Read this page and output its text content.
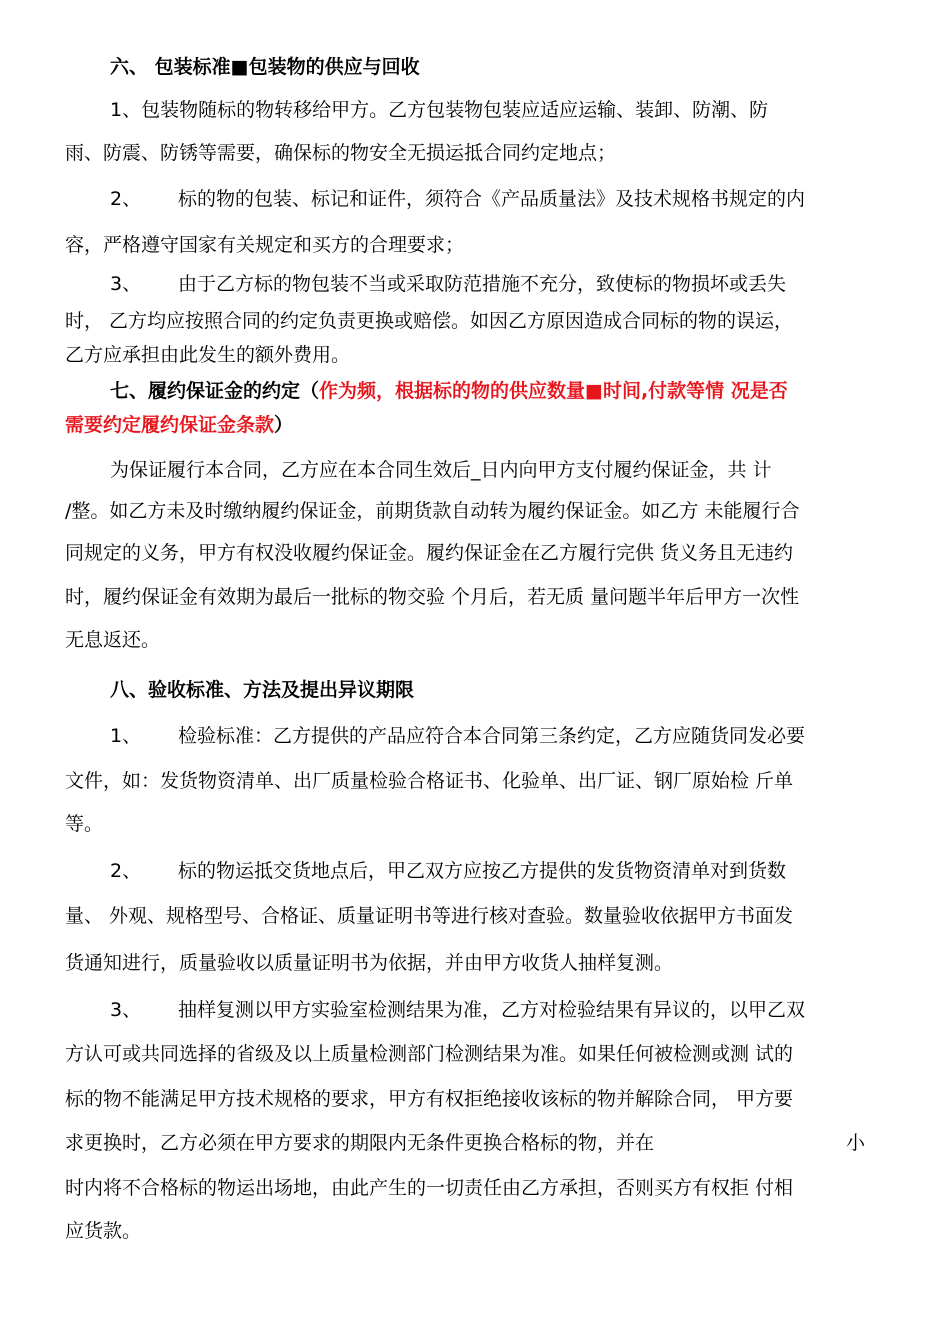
六、 包装标准■包装物的供应与回收
1、包装物随标的物转移给甲方。乙方包装物包装应适应运输、装卸、防潮、防
雨、防震、防锈等需要，确保标的物安全无损运抵合同约定地点；
2、 标的物的包装、标记和证件，须符合《产品质量法》及技术规格书规定的内
容，严格遵守国家有关规定和买方的合理要求；
3、 由于乙方标的物包装不当或采取防范措施不充分，致使标的物损坏或丢失
时， 乙方均应按照合同的约定负责更换或赔偿。如因乙方原因造成合同标的物的误运，
乙方应承担由此发生的额外费用。
七、履约保证金的约定（作为频，根据标的物的供应数量■时间,付款等情 况是否
需要约定履约保证金条款）
为保证履行本合同，乙方应在本合同生效后_日内向甲方支付履约保证金，共 计
/整。如乙方未及时缴纳履约保证金，前期货款自动转为履约保证金。如乙方 未能履行合
同规定的义务，甲方有权没收履约保证金。履约保证金在乙方履行完供 货义务且无违约
时，履约保证金有效期为最后一批标的物交验 个月后，若无质 量问题半年后甲方一次性
无息返还。
八、验收标准、方法及提出异议期限
1、 检验标准：乙方提供的产品应符合本合同第三条约定，乙方应随货同发必要
文件，如：发货物资清单、出厂质量检验合格证书、化验单、出厂证、钢厂原始检 斤单
等。
2、 标的物运抵交货地点后，甲乙双方应按乙方提供的发货物资清单对到货数
量、 外观、规格型号、合格证、质量证明书等进行核对查验。数量验收依据甲方书面发
货通知进行，质量验收以质量证明书为依据，并由甲方收货人抽样复测。
3、 抽样复测以甲方实验室检测结果为准，乙方对检验结果有异议的，以甲乙双
方认可或共同选择的省级及以上质量检测部门检测结果为准。如果任何被检测或测 试的
标的物不能满足甲方技术规格的要求，甲方有权拒绝接收该标的物并解除合同， 甲方要
求更换时，乙方必须在甲方要求的期限内无条件更换合格标的物，并在	小
时内将不合格标的物运出场地，由此产生的一切责任由乙方承担，否则买方有权拒 付相
应货款。
